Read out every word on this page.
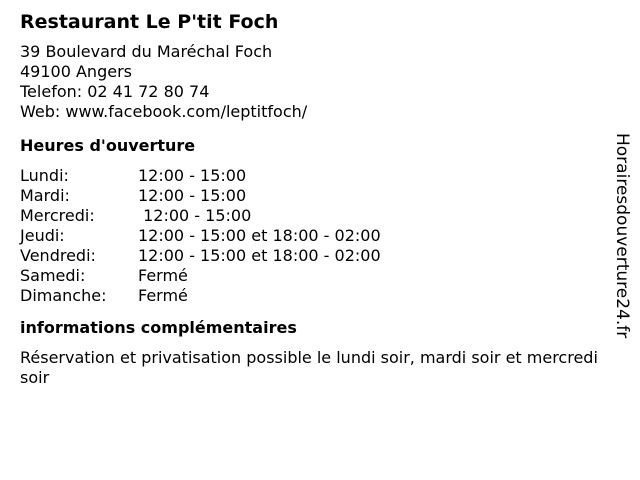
Restaurant Le P'tit Foch
39 Boulevard du Maréchal Foch
49100 Angers
Telefon: 02 41 72 80 74
Web: www.facebook.com/leptitfoch/
Heures d'ouverture
Lundi:	12:00 - 15:00
Mardi:	12:00 - 15:00
Mercredi:	12:00 - 15:00
Jeudi:	12:00 - 15:00 et 18:00 - 02:00
Vendredi:	12:00 - 15:00 et 18:00 - 02:00
Samedi:	Fermé
Dimanche:	Fermé
informations complémentaires
Réservation et privatisation possible le lundi soir, mardi soir et mercredi soir
Horairesdouverture24.fr
